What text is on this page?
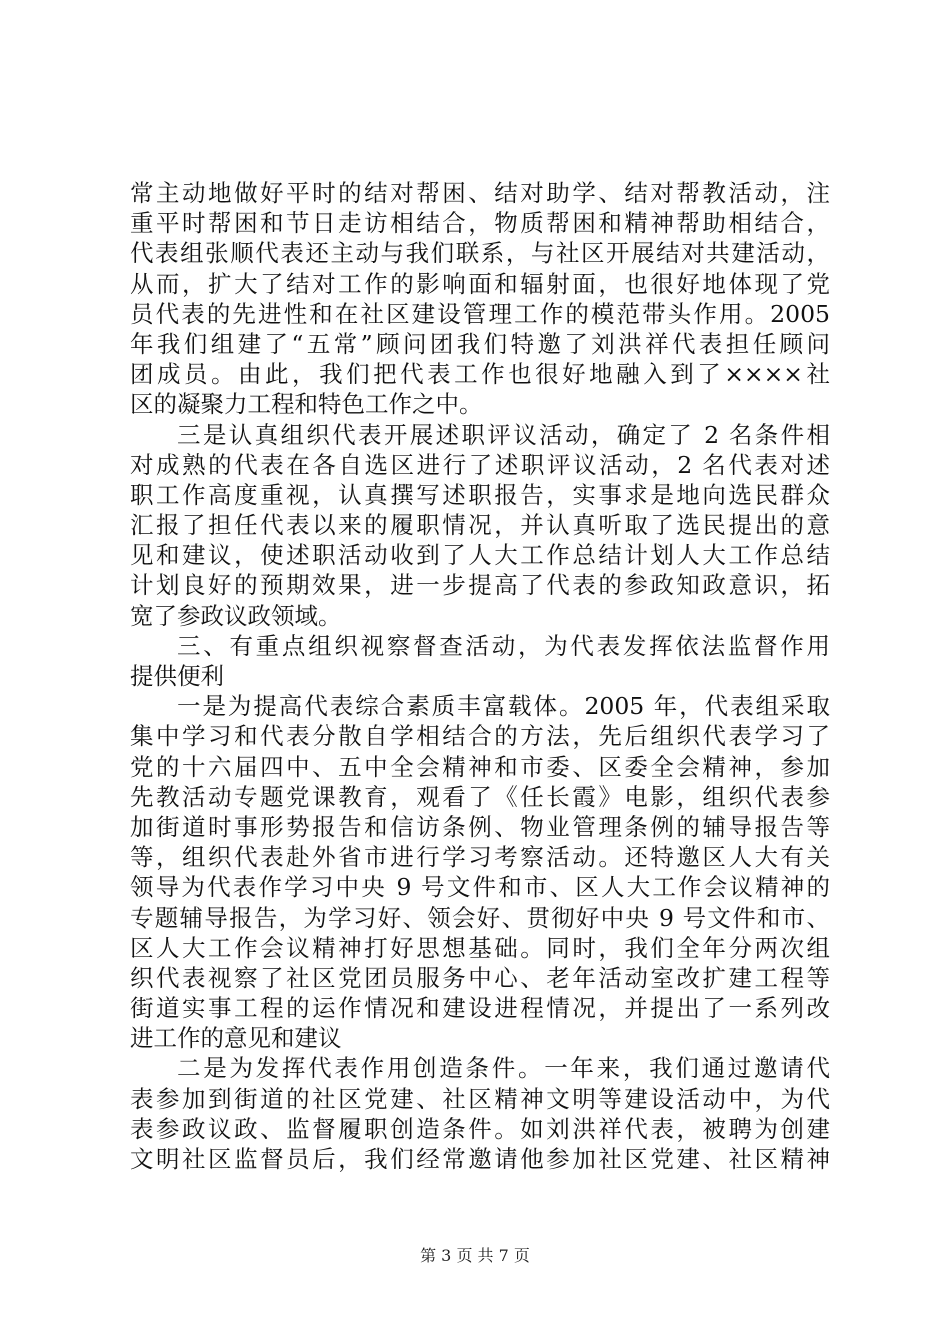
常主动地做好平时的结对帮困、结对助学、结对帮教活动，注
重平时帮困和节日走访相结合，物质帮困和精神帮助相结合，
代表组张顺代表还主动与我们联系，与社区开展结对共建活动，
从而，扩大了结对工作的影响面和辐射面，也很好地体现了党
员代表的先进性和在社区建设管理工作的模范带头作用。2005
年我们组建了“五常”顾问团我们特邀了刘洪祥代表担任顾问
团成员。由此，我们把代表工作也很好地融入到了××××社
区的凝聚力工程和特色工作之中。
三是认真组织代表开展述职评议活动，确定了 2 名条件相
对成熟的代表在各自选区进行了述职评议活动，2 名代表对述
职工作高度重视，认真撰写述职报告，实事求是地向选民群众
汇报了担任代表以来的履职情况，并认真听取了选民提出的意
见和建议，使述职活动收到了人大工作总结计划人大工作总结
计划良好的预期效果，进一步提高了代表的参政知政意识，拓
宽了参政议政领域。
三、有重点组织视察督查活动，为代表发挥依法监督作用
提供便利
一是为提高代表综合素质丰富载体。2005 年，代表组采取
集中学习和代表分散自学相结合的方法，先后组织代表学习了
党的十六届四中、五中全会精神和市委、区委全会精神，参加
先教活动专题党课教育，观看了《任长霞》电影，组织代表参
加街道时事形势报告和信访条例、物业管理条例的辅导报告等
等，组织代表赴外省市进行学习考察活动。还特邀区人大有关
领导为代表作学习中央 9 号文件和市、区人大工作会议精神的
专题辅导报告，为学习好、领会好、贯彻好中央 9 号文件和市、
区人大工作会议精神打好思想基础。同时，我们全年分两次组
织代表视察了社区党团员服务中心、老年活动室改扩建工程等
街道实事工程的运作情况和建设进程情况，并提出了一系列改
进工作的意见和建议
二是为发挥代表作用创造条件。一年来，我们通过邀请代
表参加到街道的社区党建、社区精神文明等建设活动中，为代
表参政议政、监督履职创造条件。如刘洪祥代表，被聘为创建
文明社区监督员后，我们经常邀请他参加社区党建、社区精神
第 3 页 共 7 页
